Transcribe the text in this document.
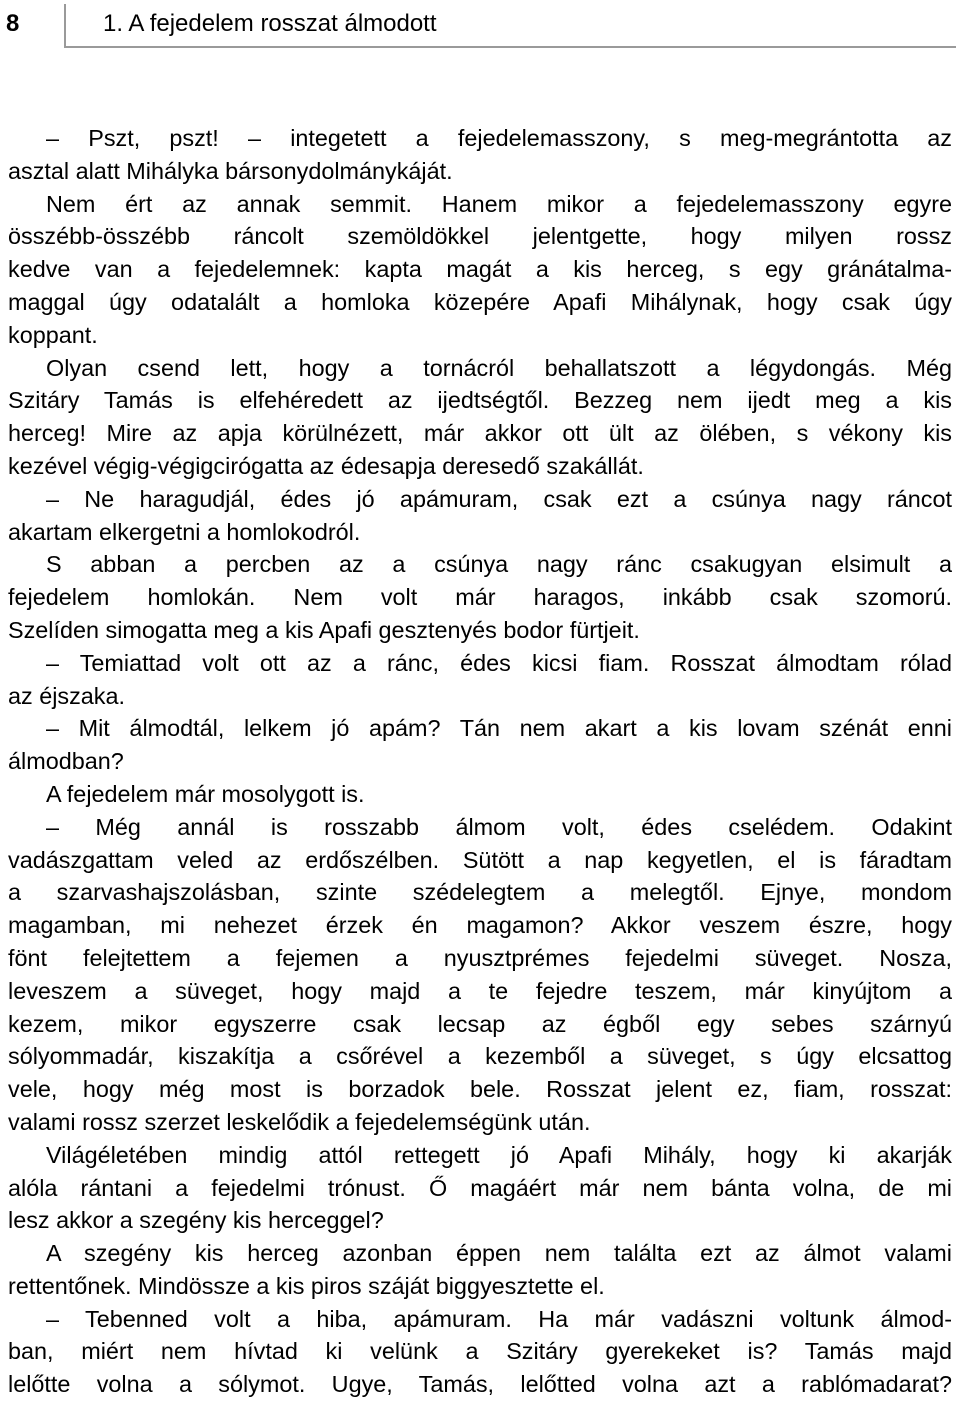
8	1. A fejedelem rosszat álmodott
– Pszt, pszt! – integetett a fejedelemasszony, s meg-megrántotta az
asztal alatt Mihályka bársonydolmánykáját.
Nem ért az annak semmit. Hanem mikor a fejedelemasszony egyre
összébb-összébb ráncolt szemöldökkel jelentgette, hogy milyen rossz
kedve van a fejedelemnek: kapta magát a kis herceg, s egy gránátalma-
maggal úgy odatalált a homloka közepére Apafi Mihálynak, hogy csak úgy
koppant.
Olyan csend lett, hogy a tornácról behallatszott a légydongás. Még
Szitáry Tamás is elfehéredett az ijedtségtől. Bezzeg nem ijedt meg a kis
herceg! Mire az apja körülnézett, már akkor ott ült az ölében, s vékony kis
kezével végig-végigcirógatta az édesapja deresedő szakállát.
– Ne haragudjál, édes jó apámuram, csak ezt a csúnya nagy ráncot
akartam elkergetni a homlokodról.
S abban a percben az a csúnya nagy ránc csakugyan elsimult a
fejedelem homlokán. Nem volt már haragos, inkább csak szomorú.
Szelíden simogatta meg a kis Apafi gesztenyés bodor fürtjeit.
– Temiattad volt ott az a ránc, édes kicsi fiam. Rosszat álmodtam rólad
az éjszaka.
– Mit álmodtál, lelkem jó apám? Tán nem akart a kis lovam szénát enni
álmodban?
A fejedelem már mosolygott is.
– Még annál is rosszabb álmom volt, édes cselédem. Odakint
vadászgattam veled az erdőszélben. Sütött a nap kegyetlen, el is fáradtam
a szarvashajszolásban, szinte szédelegtem a melegtől. Ejnye, mondom
magamban, mi nehezet érzek én magamon? Akkor veszem észre, hogy
fönt felejtettem a fejemen a nyusztprémes fejedelmi süveget. Nosza,
leveszem a süveget, hogy majd a te fejedre teszem, már kinyújtom a
kezem, mikor egyszerre csak lecsap az égből egy sebes szárnyú
sólyommadár, kiszakítja a csőrével a kezemből a süveget, s úgy elcsattog
vele, hogy még most is borzadok bele. Rosszat jelent ez, fiam, rosszat:
valami rossz szerzet leskelődik a fejedelemségünk után.
Világéletében mindig attól rettegett jó Apafi Mihály, hogy ki akarják
alóla rántani a fejedelmi trónust. Ő magáért már nem bánta volna, de mi
lesz akkor a szegény kis herceggel?
A szegény kis herceg azonban éppen nem találta ezt az álmot valami
rettentőnek. Mindössze a kis piros száját biggyesztette el.
– Tebenned volt a hiba, apámuram. Ha már vadászni voltunk álmod-
ban, miért nem hívtad ki velünk a Szitáry gyerekeket is? Tamás majd
lelőtte volna a sólymot. Ugye, Tamás, lelőtted volna azt a rablómadarat?
